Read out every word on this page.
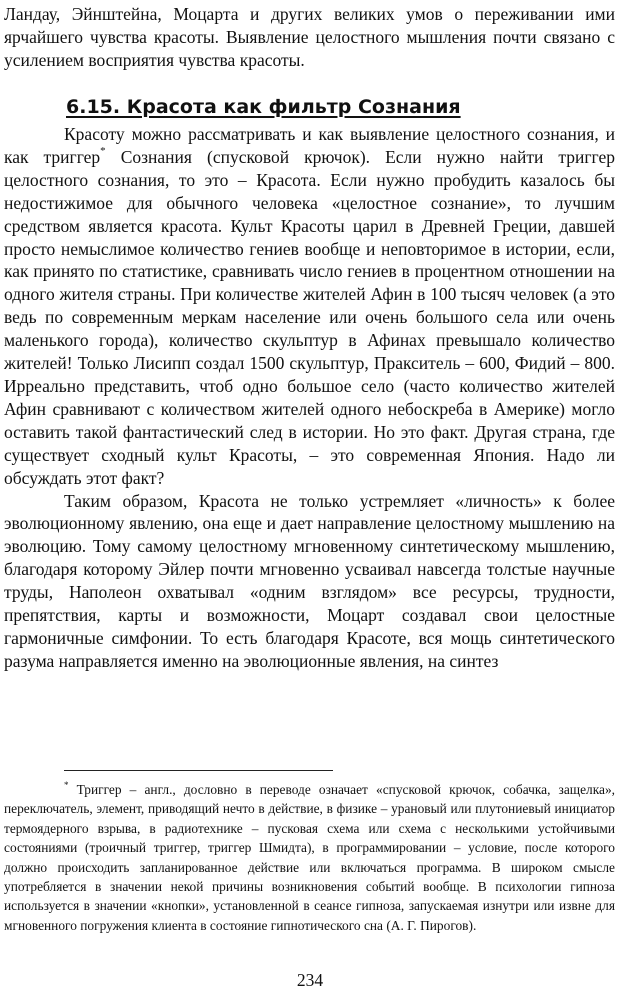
Ландау, Эйнштейна, Моцарта и других великих умов о переживании ими ярчайшего чувства красоты. Выявление целостного мышления почти связано с усилением восприятия чувства красоты.
6.15. Красота как фильтр Сознания

Красоту можно рассматривать и как выявление целостного сознания, и как триггер* Сознания (спусковой крючок). Если нужно найти триггер целостного сознания, то это – Красота. Если нужно пробудить казалось бы недостижимое для обычного человека «целостное сознание», то лучшим средством является красота. Культ Красоты царил в Древней Греции, давшей просто немыслимое количество гениев вообще и неповторимое в истории, если, как принято по статистике, сравнивать число гениев в процентном отношении на одного жителя страны. При количестве жителей Афин в 100 тысяч человек (а это ведь по современным меркам население или очень большого села или очень маленького города), количество скульптур в Афинах превышало количество жителей! Только Лисипп создал 1500 скульптур, Пракситель – 600, Фидий – 800. Ирреально представить, чтоб одно большое село (часто количество жителей Афин сравнивают с количеством жителей одного небоскреба в Америке) могло оставить такой фантастический след в истории. Но это факт. Другая страна, где существует сходный культ Красоты, – это современная Япония. Надо ли обсуждать этот факт?

Таким образом, Красота не только устремляет «личность» к более эволюционному явлению, она еще и дает направление целостному мышлению на эволюцию. Тому самому целостному мгновенному синтетическому мышлению, благодаря которому Эйлер почти мгновенно усваивал навсегда толстые научные труды, Наполеон охватывал «одним взглядом» все ресурсы, трудности, препятствия, карты и возможности, Моцарт создавал свои целостные гармоничные симфонии. То есть благодаря Красоте, вся мощь синтетического разума направляется именно на эволюционные явления, на синтез

* Триггер – англ., дословно в переводе означает «спусковой крючок, собачка, защелка», переключатель, элемент, приводящий нечто в действие, в физике – урановый или плутониевый инициатор термоядерного взрыва, в радиотехнике – пусковая схема или схема с несколькими устойчивыми состояниями (троичный триггер, триггер Шмидта), в программировании – условие, после которого должно происходить запланированное действие или включаться программа. В широком смысле употребляется в значении некой причины возникновения событий вообще. В психологии гипноза используется в значении «кнопки», установленной в сеансе гипноза, запускаемая изнутри или извне для мгновенного погружения клиента в состояние гипнотического сна (А. Г. Пирогов).

234
